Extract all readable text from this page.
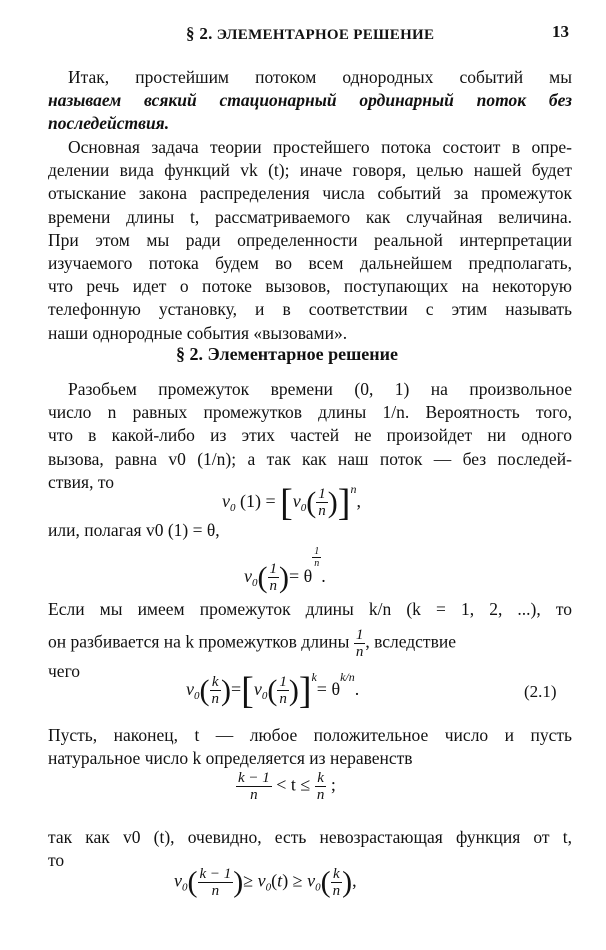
§ 2. ЭЛЕМЕНТАРНОЕ РЕШЕНИЕ	13
Итак, простейшим потоком однородных событий мы
называем всякий стационарный ординарный поток без
последействия.
Основная задача теории простейшего потока состоит в опре-
делении вида функций vk (t); иначе говоря, целью нашей будет
отыскание закона распределения числа событий за промежуток
времени длины t, рассматриваемого как случайная величина.
При этом мы ради определенности реальной интерпретации
изучаемого потока будем во всем дальнейшем предполагать,
что речь идет о потоке вызовов, поступающих на некоторую
телефонную установку, и в соответствии с этим называть
наши однородные события «вызовами».
§ 2. Элементарное решение
Разобьем промежуток времени (0, 1) на произвольное
число n равных промежутков длины 1/n. Вероятность того,
что в какой-либо из этих частей не произойдет ни одного
вызова, равна v0 (1/n); а так как наш поток — без последей-
ствия, то
$v_0$ $(1) = [v_0( \frac{1}{n} )]^n$,
или, полагая v0 (1) = θ,
$v_0( \frac{1}{n}$ )= θ
$\frac{1}{n}$
.
Если мы имеем промежуток длины k/n (k = 1, 2, ...), то
он разбивается на k промежутков длины $\frac{1}{n}$ , вследствие
чего
$v_0( \frac{k}{n} )=[v_0( \frac{1}{n} )]^k= \theta^{k/n}$.	(2.1)
Пусть, наконец, t — любое положительное число и пусть
натуральное число k определяется из неравенств
$\frac{k - 1}{n} < t \le \frac{k}{n}$ ;
так как v0 (t), очевидно, есть невозрастающая функция от t,
то
$v_0( \frac{k - 1}{n}$ )≥ $v_0(t) \ge v_0( \frac{k}{n}$ ),
